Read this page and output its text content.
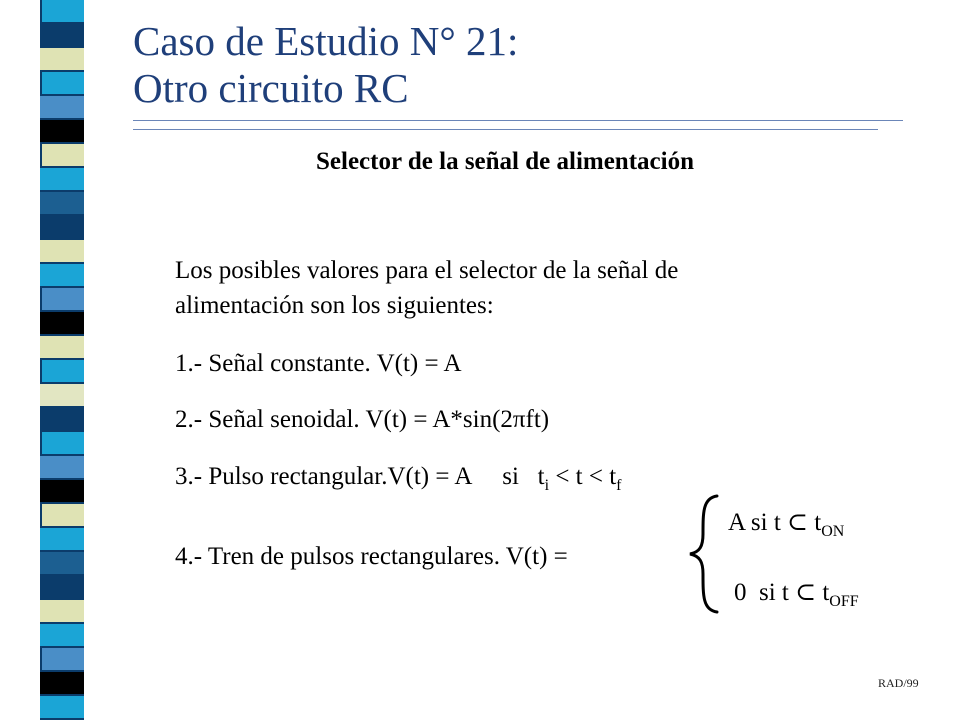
Caso de Estudio N° 21:
Otro circuito RC
Selector de la señal de alimentación
Los posibles valores para el selector de la señal de
alimentación son los siguientes:
1.- Señal constante. V(t) = A
2.- Señal senoidal. V(t) = A*sin(2πft)
3.- Pulso rectangular.V(t) = A     si   $t_i < t < t_f$
4.- Tren de pulsos rectangulares. V(t) =
A si t ⊂ $t_{ON}$
0  si t ⊂ $t_{OFF}$
RAD/99
